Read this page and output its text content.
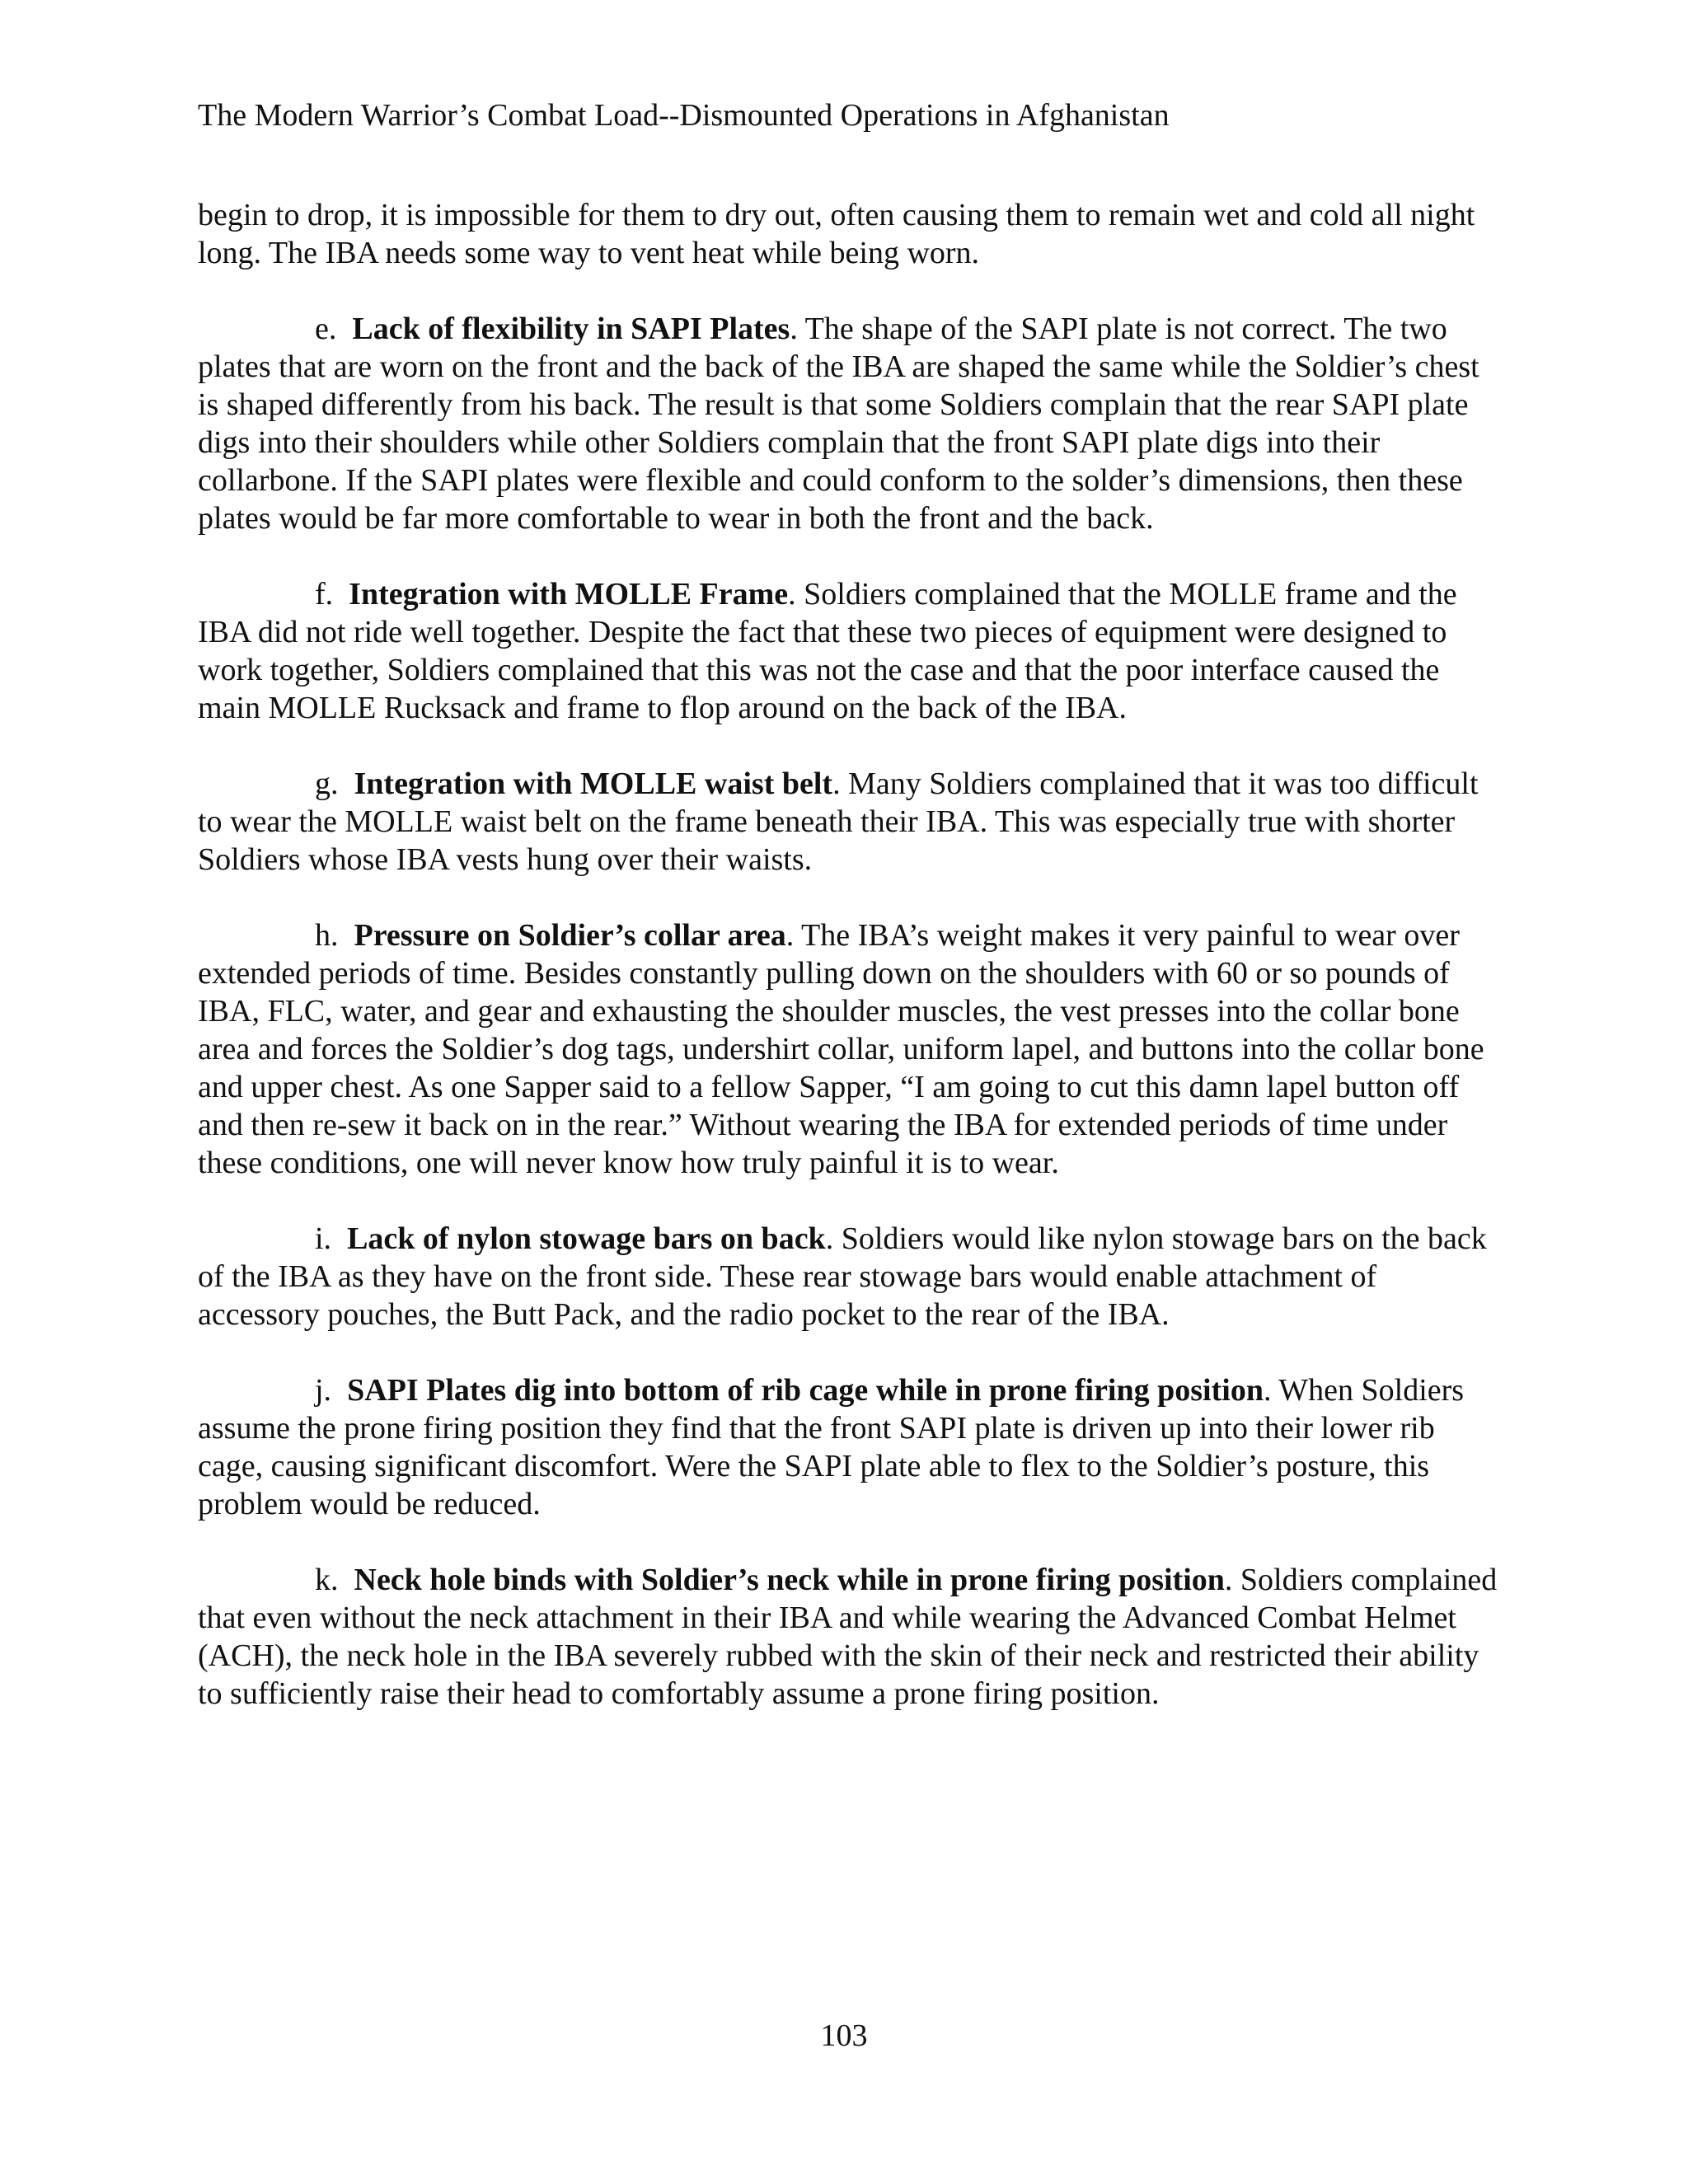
The Modern Warrior’s Combat Load--Dismounted Operations in Afghanistan

begin to drop, it is impossible for them to dry out, often causing them to remain wet and cold all night long. The IBA needs some way to vent heat while being worn.

e. Lack of flexibility in SAPI Plates. The shape of the SAPI plate is not correct. The two plates that are worn on the front and the back of the IBA are shaped the same while the Soldier’s chest is shaped differently from his back. The result is that some Soldiers complain that the rear SAPI plate digs into their shoulders while other Soldiers complain that the front SAPI plate digs into their collarbone. If the SAPI plates were flexible and could conform to the solder’s dimensions, then these plates would be far more comfortable to wear in both the front and the back.

f. Integration with MOLLE Frame. Soldiers complained that the MOLLE frame and the IBA did not ride well together. Despite the fact that these two pieces of equipment were designed to work together, Soldiers complained that this was not the case and that the poor interface caused the main MOLLE Rucksack and frame to flop around on the back of the IBA.

g. Integration with MOLLE waist belt. Many Soldiers complained that it was too difficult to wear the MOLLE waist belt on the frame beneath their IBA. This was especially true with shorter Soldiers whose IBA vests hung over their waists.

h. Pressure on Soldier’s collar area. The IBA’s weight makes it very painful to wear over extended periods of time. Besides constantly pulling down on the shoulders with 60 or so pounds of IBA, FLC, water, and gear and exhausting the shoulder muscles, the vest presses into the collar bone area and forces the Soldier’s dog tags, undershirt collar, uniform lapel, and buttons into the collar bone and upper chest. As one Sapper said to a fellow Sapper, “I am going to cut this damn lapel button off and then re-sew it back on in the rear.” Without wearing the IBA for extended periods of time under these conditions, one will never know how truly painful it is to wear.

i. Lack of nylon stowage bars on back. Soldiers would like nylon stowage bars on the back of the IBA as they have on the front side. These rear stowage bars would enable attachment of accessory pouches, the Butt Pack, and the radio pocket to the rear of the IBA.

j. SAPI Plates dig into bottom of rib cage while in prone firing position. When Soldiers assume the prone firing position they find that the front SAPI plate is driven up into their lower rib cage, causing significant discomfort. Were the SAPI plate able to flex to the Soldier’s posture, this problem would be reduced.

k. Neck hole binds with Soldier’s neck while in prone firing position. Soldiers complained that even without the neck attachment in their IBA and while wearing the Advanced Combat Helmet (ACH), the neck hole in the IBA severely rubbed with the skin of their neck and restricted their ability to sufficiently raise their head to comfortably assume a prone firing position.

103
